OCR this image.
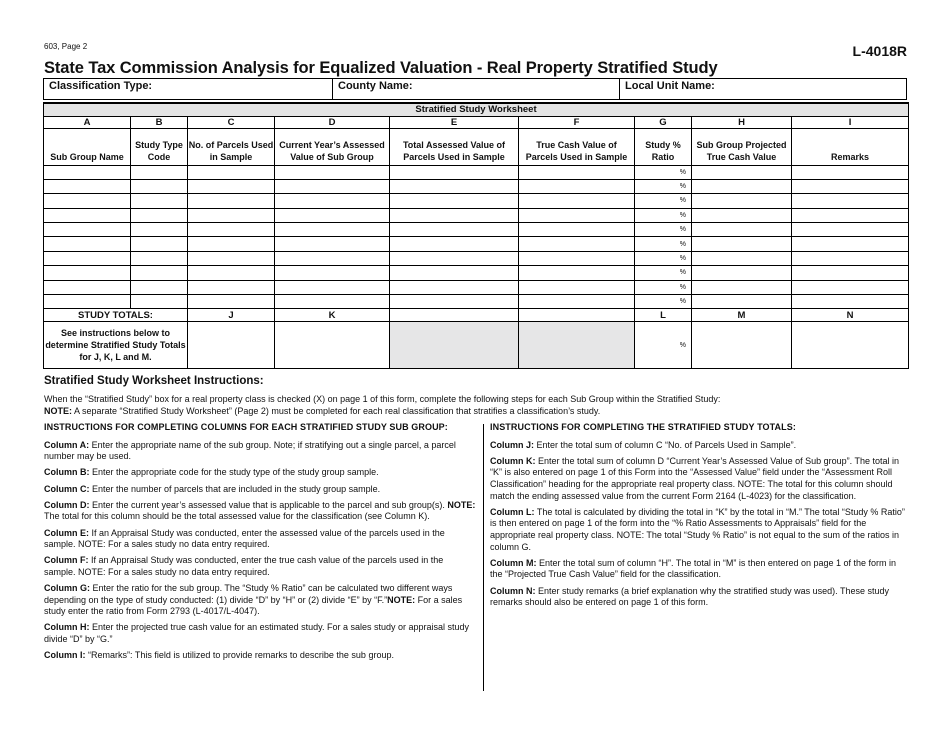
603, Page 2	L-4018R
State Tax Commission Analysis for Equalized Valuation - Real Property Stratified Study
Classification Type:	County Name:	Local Unit Name:
Stratified Study Worksheet								
A	B	C	D	E	F	G	H	I
Sub Group Name	Study Type Code	No. of Parcels Used in Sample	Current Year’s Assessed Value of Sub Group	Total Assessed Value of Parcels Used in Sample	True Cash Value of Parcels Used in Sample	Study % Ratio	Sub Group Projected True Cash Value	Remarks
						%		
						%		
						%		
						%		
						%		
						%		
						%		
						%		
						%		
						%		
STUDY TOTALS:		J	K			L	M	N
See instructions below to determine Stratified Study Totals for J, K, L and M.						%		
Stratified Study Worksheet Instructions:
When the “Stratified Study” box for a real property class is checked (X) on page 1 of this form, complete the following steps for each Sub Group within the Stratified Study:
NOTE: A separate “Stratified Study Worksheet” (Page 2) must be completed for each real classification that stratifies a classification’s study.
INSTRUCTIONS FOR COMPLETING COLUMNS FOR EACH STRATIFIED STUDY SUB GROUP:

Column A: Enter the appropriate name of the sub group. Note; if stratifying out a single parcel, a parcel number may be used.

Column B: Enter the appropriate code for the study type of the study group sample.

Column C: Enter the number of parcels that are included in the study group sample.

Column D: Enter the current year’s assessed value that is applicable to the parcel and sub group(s). NOTE: The total for this column should be the total assessed value for the classification (see Column K).

Column E: If an Appraisal Study was conducted, enter the assessed value of the parcels used in the sample. NOTE: For a sales study no data entry required.

Column F: If an Appraisal Study was conducted, enter the true cash value of the parcels used in the sample. NOTE: For a sales study no data entry required.

Column G: Enter the ratio for the sub group. The “Study % Ratio” can be calculated two different ways depending on the type of study conducted: (1) divide “D” by “H” or (2) divide “E” by “F.”NOTE: For a sales study enter the ratio from Form 2793 (L-4017/L-4047).

Column H: Enter the projected true cash value for an estimated study. For a sales study or appraisal study divide “D” by “G.”

Column I: “Remarks”: This field is utilized to provide remarks to describe the sub group.

INSTRUCTIONS FOR COMPLETING THE STRATIFIED STUDY TOTALS:

Column J: Enter the total sum of column C “No. of Parcels Used in Sample”.

Column K: Enter the total sum of column D “Current Year’s Assessed Value of Sub group”. The total in “K” is also entered on page 1 of this Form into the “Assessed Value” field under the “Assessment Roll Classification” heading for the appropriate real property class. NOTE: The total for this column should match the ending assessed value from the current Form 2164 (L-4023) for the classification.

Column L: The total is calculated by dividing the total in “K” by the total in “M.” The total “Study % Ratio” is then entered on page 1 of the form into the “% Ratio Assessments to Appraisals” field for the appropriate real property class. NOTE: The total “Study % Ratio” is not equal to the sum of the ratios in column G.

Column M: Enter the total sum of column “H”. The total in “M” is then entered on page 1 of the form in the “Projected True Cash Value” field for the classification.

Column N: Enter study remarks (a brief explanation why the stratified study was used). These study remarks should also be entered on page 1 of this form.
